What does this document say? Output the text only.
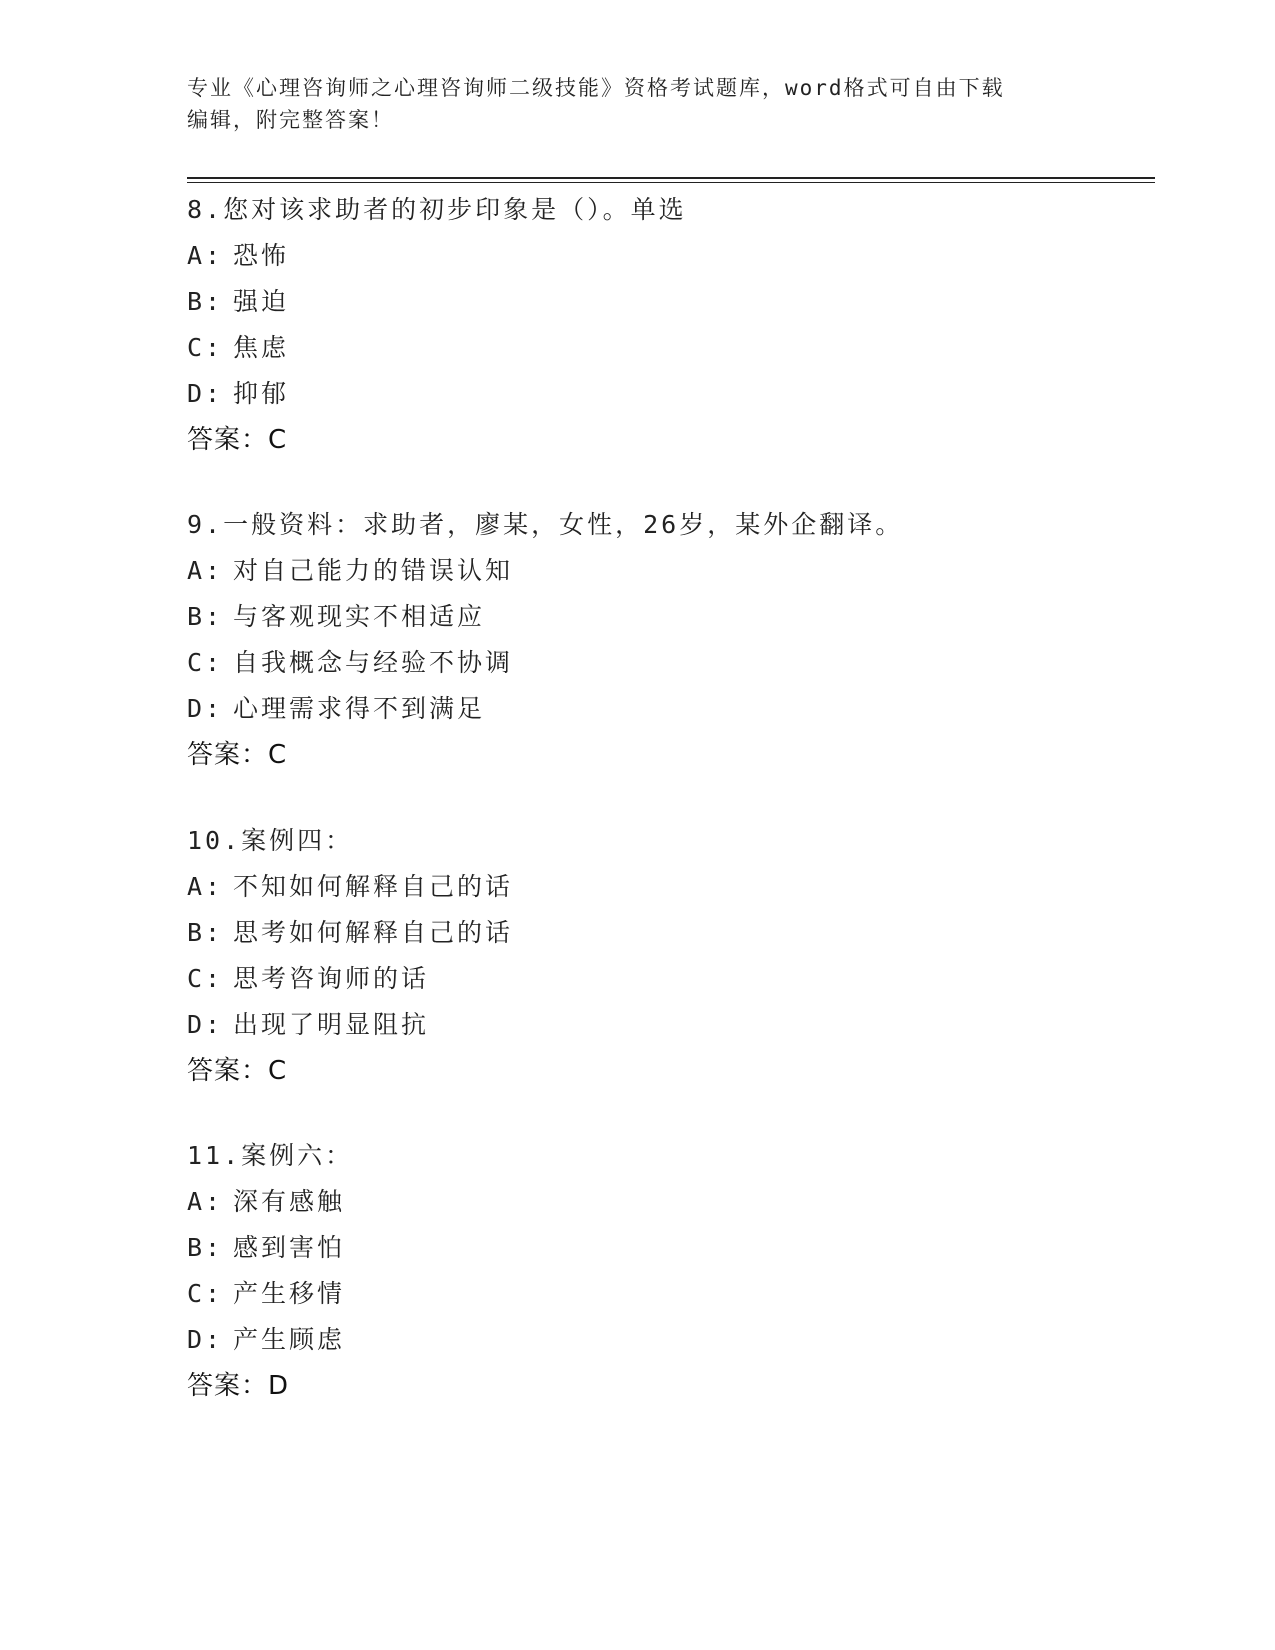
专业《心理咨询师之心理咨询师二级技能》资格考试题库，word格式可自由下载
编辑，附完整答案！
8.您对该求助者的初步印象是（）。单选
A: 恐怖
B: 强迫
C: 焦虑
D: 抑郁
答案：C
9.一般资料：求助者，廖某，女性，26岁，某外企翻译。
A: 对自己能力的错误认知
B: 与客观现实不相适应
C: 自我概念与经验不协调
D: 心理需求得不到满足
答案：C
10.案例四：
A: 不知如何解释自己的话
B: 思考如何解释自己的话
C: 思考咨询师的话
D: 出现了明显阻抗
答案：C
11.案例六：
A: 深有感触
B: 感到害怕
C: 产生移情
D: 产生顾虑
答案：D
